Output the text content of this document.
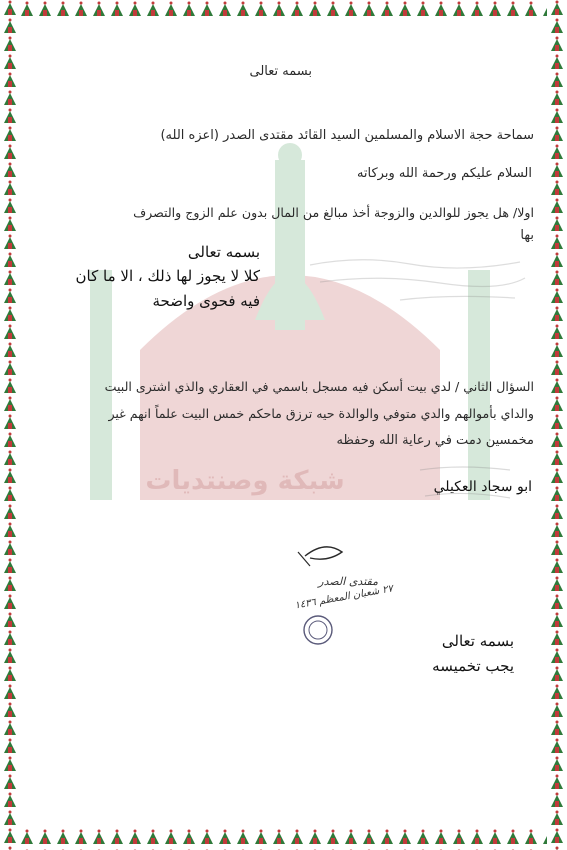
شبكة وصنتديات
بسمه تعالى
سماحة حجة الاسلام والمسلمين السيد القائد مقتدى الصدر (اعزه الله)
السلام عليكم ورحمة الله وبركاته
اولا/ هل يجوز للوالدين والزوجة أخذ مبالغ من المال بدون علم الزوج والتصرف
بها
بسمه تعالى
كلا لا يجوز لها ذلك ، الا ما كان
فيه فحوى واضحة
السؤال الثاني / لدي بيت أسكن فيه مسجل باسمي في العقاري والذي اشترى البيت
والداي بأموالهم والدي متوفي والوالدة حيه ترزق ماحكم خمس البيت علماً انهم غير
مخمسين دمت في رعاية الله وحفظه
ابو سجاد العكيلي
مقتدى الصدر
٢٧ شعبان المعظم ١٤٣٦
بسمه تعالى
يجب تخميسه
